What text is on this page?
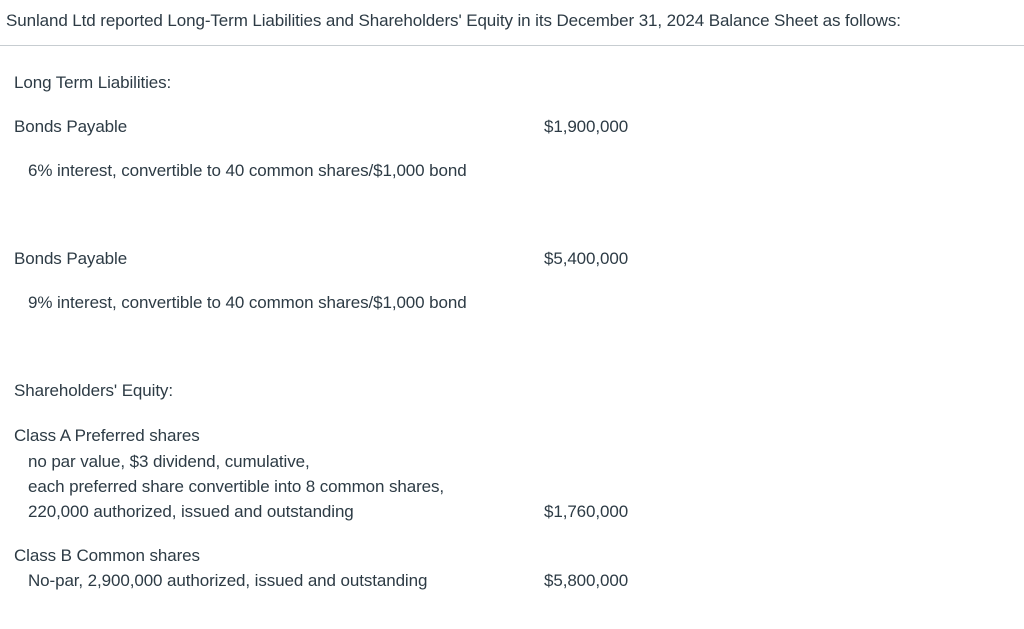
Sunland Ltd reported Long-Term Liabilities and Shareholders' Equity in its December 31, 2024 Balance Sheet as follows:
Long Term Liabilities:
Bonds Payable	$1,900,000
6% interest, convertible to 40 common shares/$1,000 bond
Bonds Payable	$5,400,000
9% interest, convertible to 40 common shares/$1,000 bond
Shareholders' Equity:
Class A Preferred shares
no par value, $3 dividend, cumulative,
each preferred share convertible into 8 common shares,
220,000 authorized, issued and outstanding	$1,760,000
Class B Common shares
No-par, 2,900,000 authorized, issued and outstanding	$5,800,000
